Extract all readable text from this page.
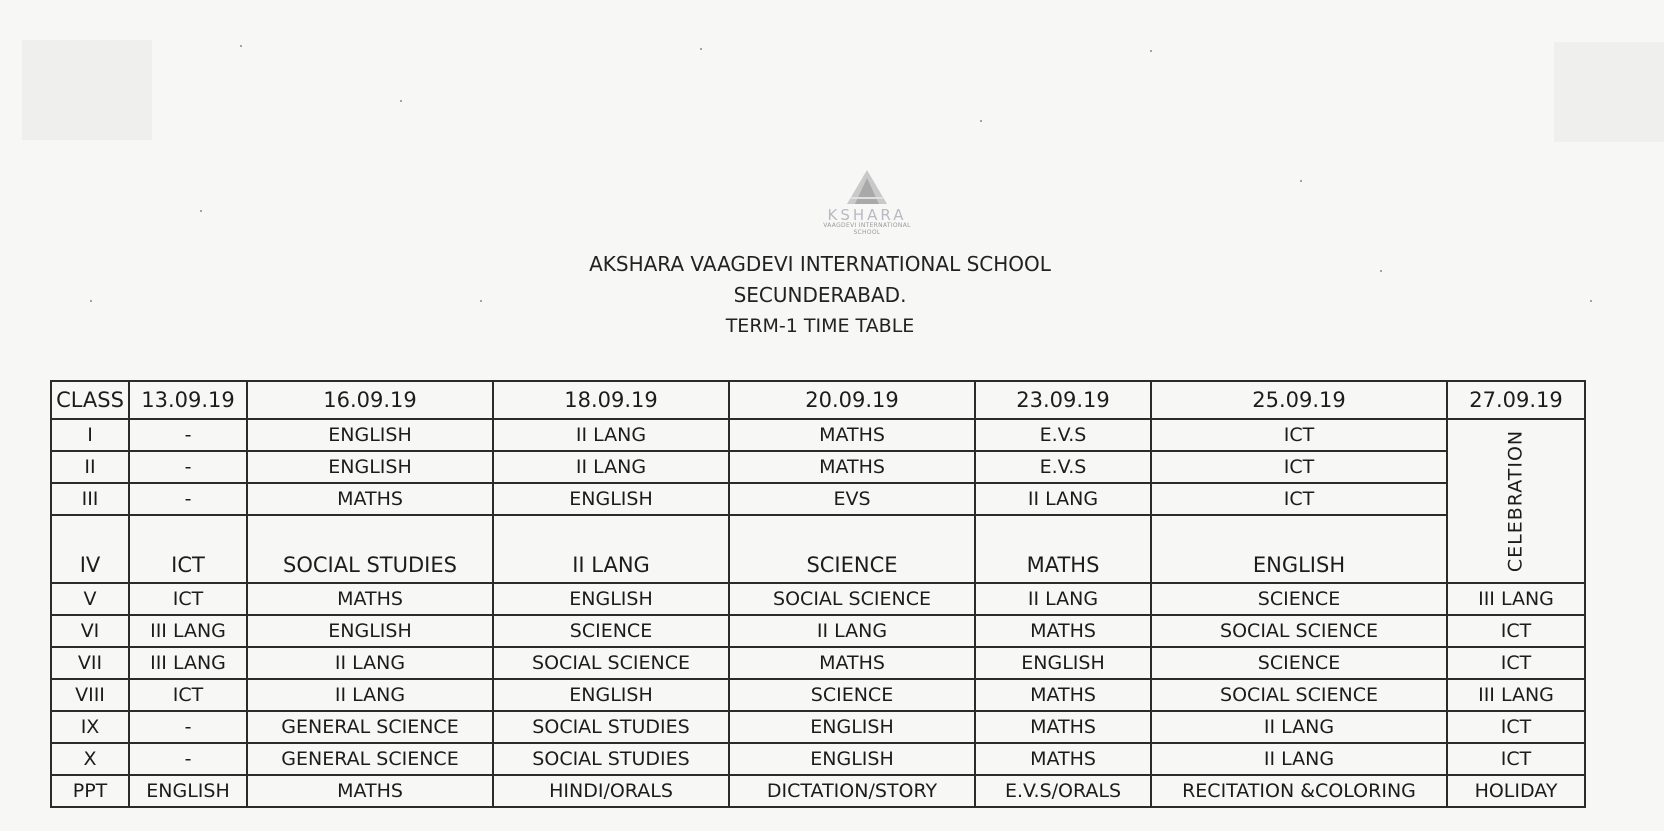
KSHARA
VAAGDEVI INTERNATIONAL SCHOOL
AKSHARA VAAGDEVI INTERNATIONAL SCHOOL
SECUNDERABAD.
TERM-1 TIME TABLE
CLASS	13.09.19	16.09.19	18.09.19	20.09.19	23.09.19	25.09.19	27.09.19
I	-	ENGLISH	II LANG	MATHS	E.V.S	ICT	CELEBRATION

II	-	ENGLISH	II LANG	MATHS	E.V.S	ICT	
III	-	MATHS	ENGLISH	EVS	II LANG	ICT	
IV	ICT	SOCIAL STUDIES	II LANG	SCIENCE	MATHS	ENGLISH	
V	ICT	MATHS	ENGLISH	SOCIAL SCIENCE	II LANG	SCIENCE	III LANG
VI	III LANG	ENGLISH	SCIENCE	II LANG	MATHS	SOCIAL SCIENCE	ICT
VII	III LANG	II LANG	SOCIAL SCIENCE	MATHS	ENGLISH	SCIENCE	ICT
VIII	ICT	II LANG	ENGLISH	SCIENCE	MATHS	SOCIAL SCIENCE	III LANG
IX	-	GENERAL SCIENCE	SOCIAL STUDIES	ENGLISH	MATHS	II LANG	ICT
X	-	GENERAL SCIENCE	SOCIAL STUDIES	ENGLISH	MATHS	II LANG	ICT
PPT	ENGLISH	MATHS	HINDI/ORALS	DICTATION/STORY	E.V.S/ORALS	RECITATION &COLORING	HOLIDAY
